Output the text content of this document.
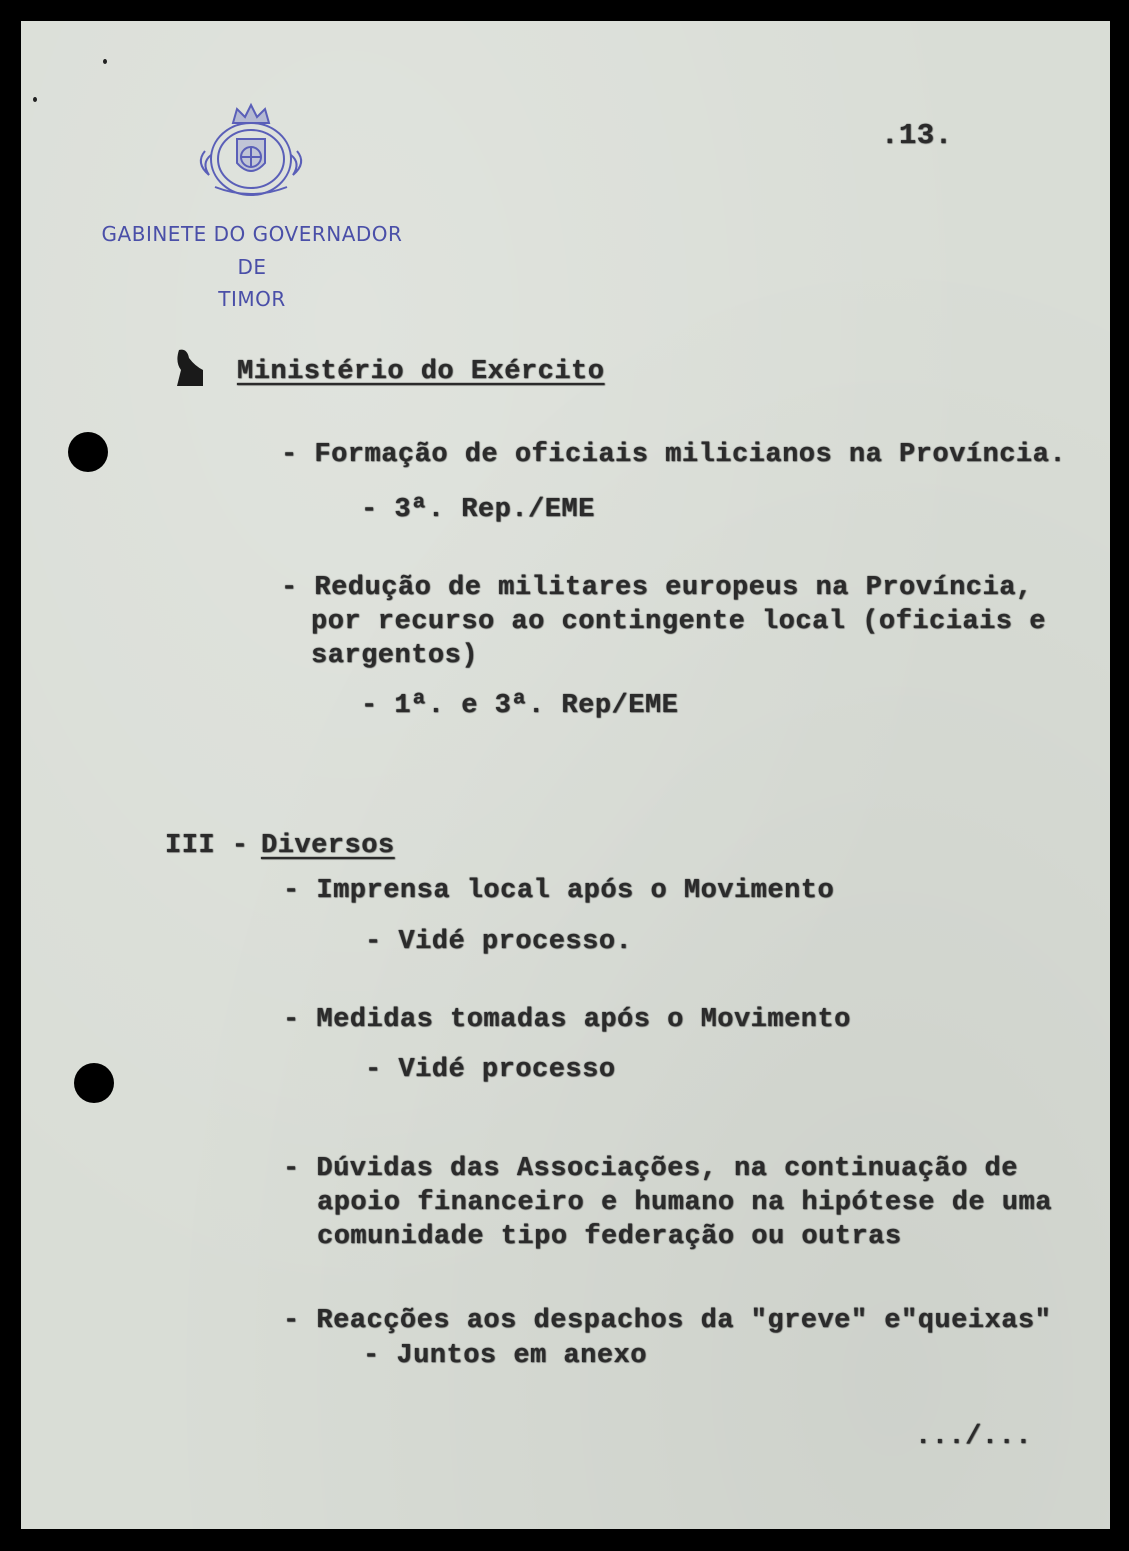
GABINETE DO GOVERNADOR
DE
TIMOR
.13.
Ministério do Exército
- Formação de oficiais milicianos na Província.
- 3ª. Rep./EME
- Redução de militares europeus na Província,
por recurso ao contingente local (oficiais e
sargentos)
- 1ª. e 3ª. Rep/EME
III - Diversos
- Imprensa local após o Movimento
- Vidé processo.
- Medidas tomadas após o Movimento
- Vidé processo
- Dúvidas das Associações, na continuação de
apoio financeiro e humano na hipótese de uma
comunidade tipo federação ou outras
- Reacções aos despachos da "greve" e"queixas"
- Juntos em anexo
.../...
